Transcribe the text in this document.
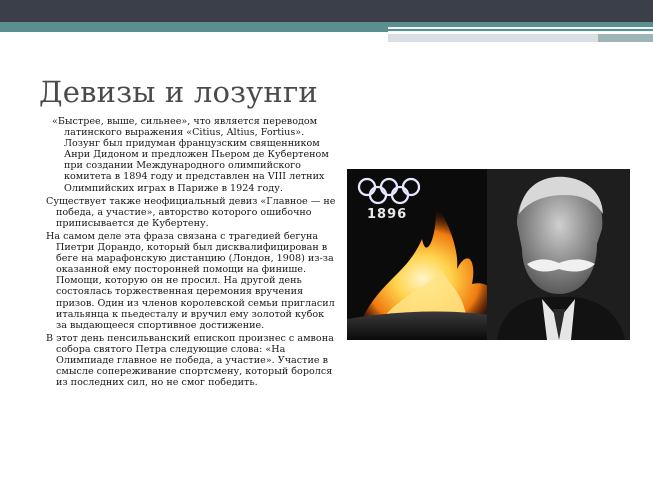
Девизы и лозунги

«Быстрее, выше, сильнее», что является переводом латинского выражения «Citius, Altius, Fortius». Лозунг был придуман французским священником Анри Дидоном и предложен Пьером де Кубертеном при создании Международного олимпийского комитета в 1894 году и представлен на VIII летних Олимпийских играх в Париже в 1924 году.

Существует также неофициальный девиз «Главное — не победа, а участие», авторство которого ошибочно приписывается де Кубертену.

На самом деле эта фраза связана с трагедией бегуна Пиетри Дорандо, который был дисквалифицирован в беге на марафонскую дистанцию (Лондон, 1908) из-за оказанной ему посторонней помощи на финише. Помощи, которую он не просил. На другой день состоялась торжественная церемония вручения призов. Один из членов королевской семьи пригласил итальянца к пьедесталу и вручил ему золотой кубок за выдающееся спортивное достижение.

В этот день пенсильванский епископ произнес с амвона собора святого Петра следующие слова: «На Олимпиаде главное не победа, а участие». Участие в смысле сопереживание спортсмену, который боролся из последних сил, но не смог победить.

1896
